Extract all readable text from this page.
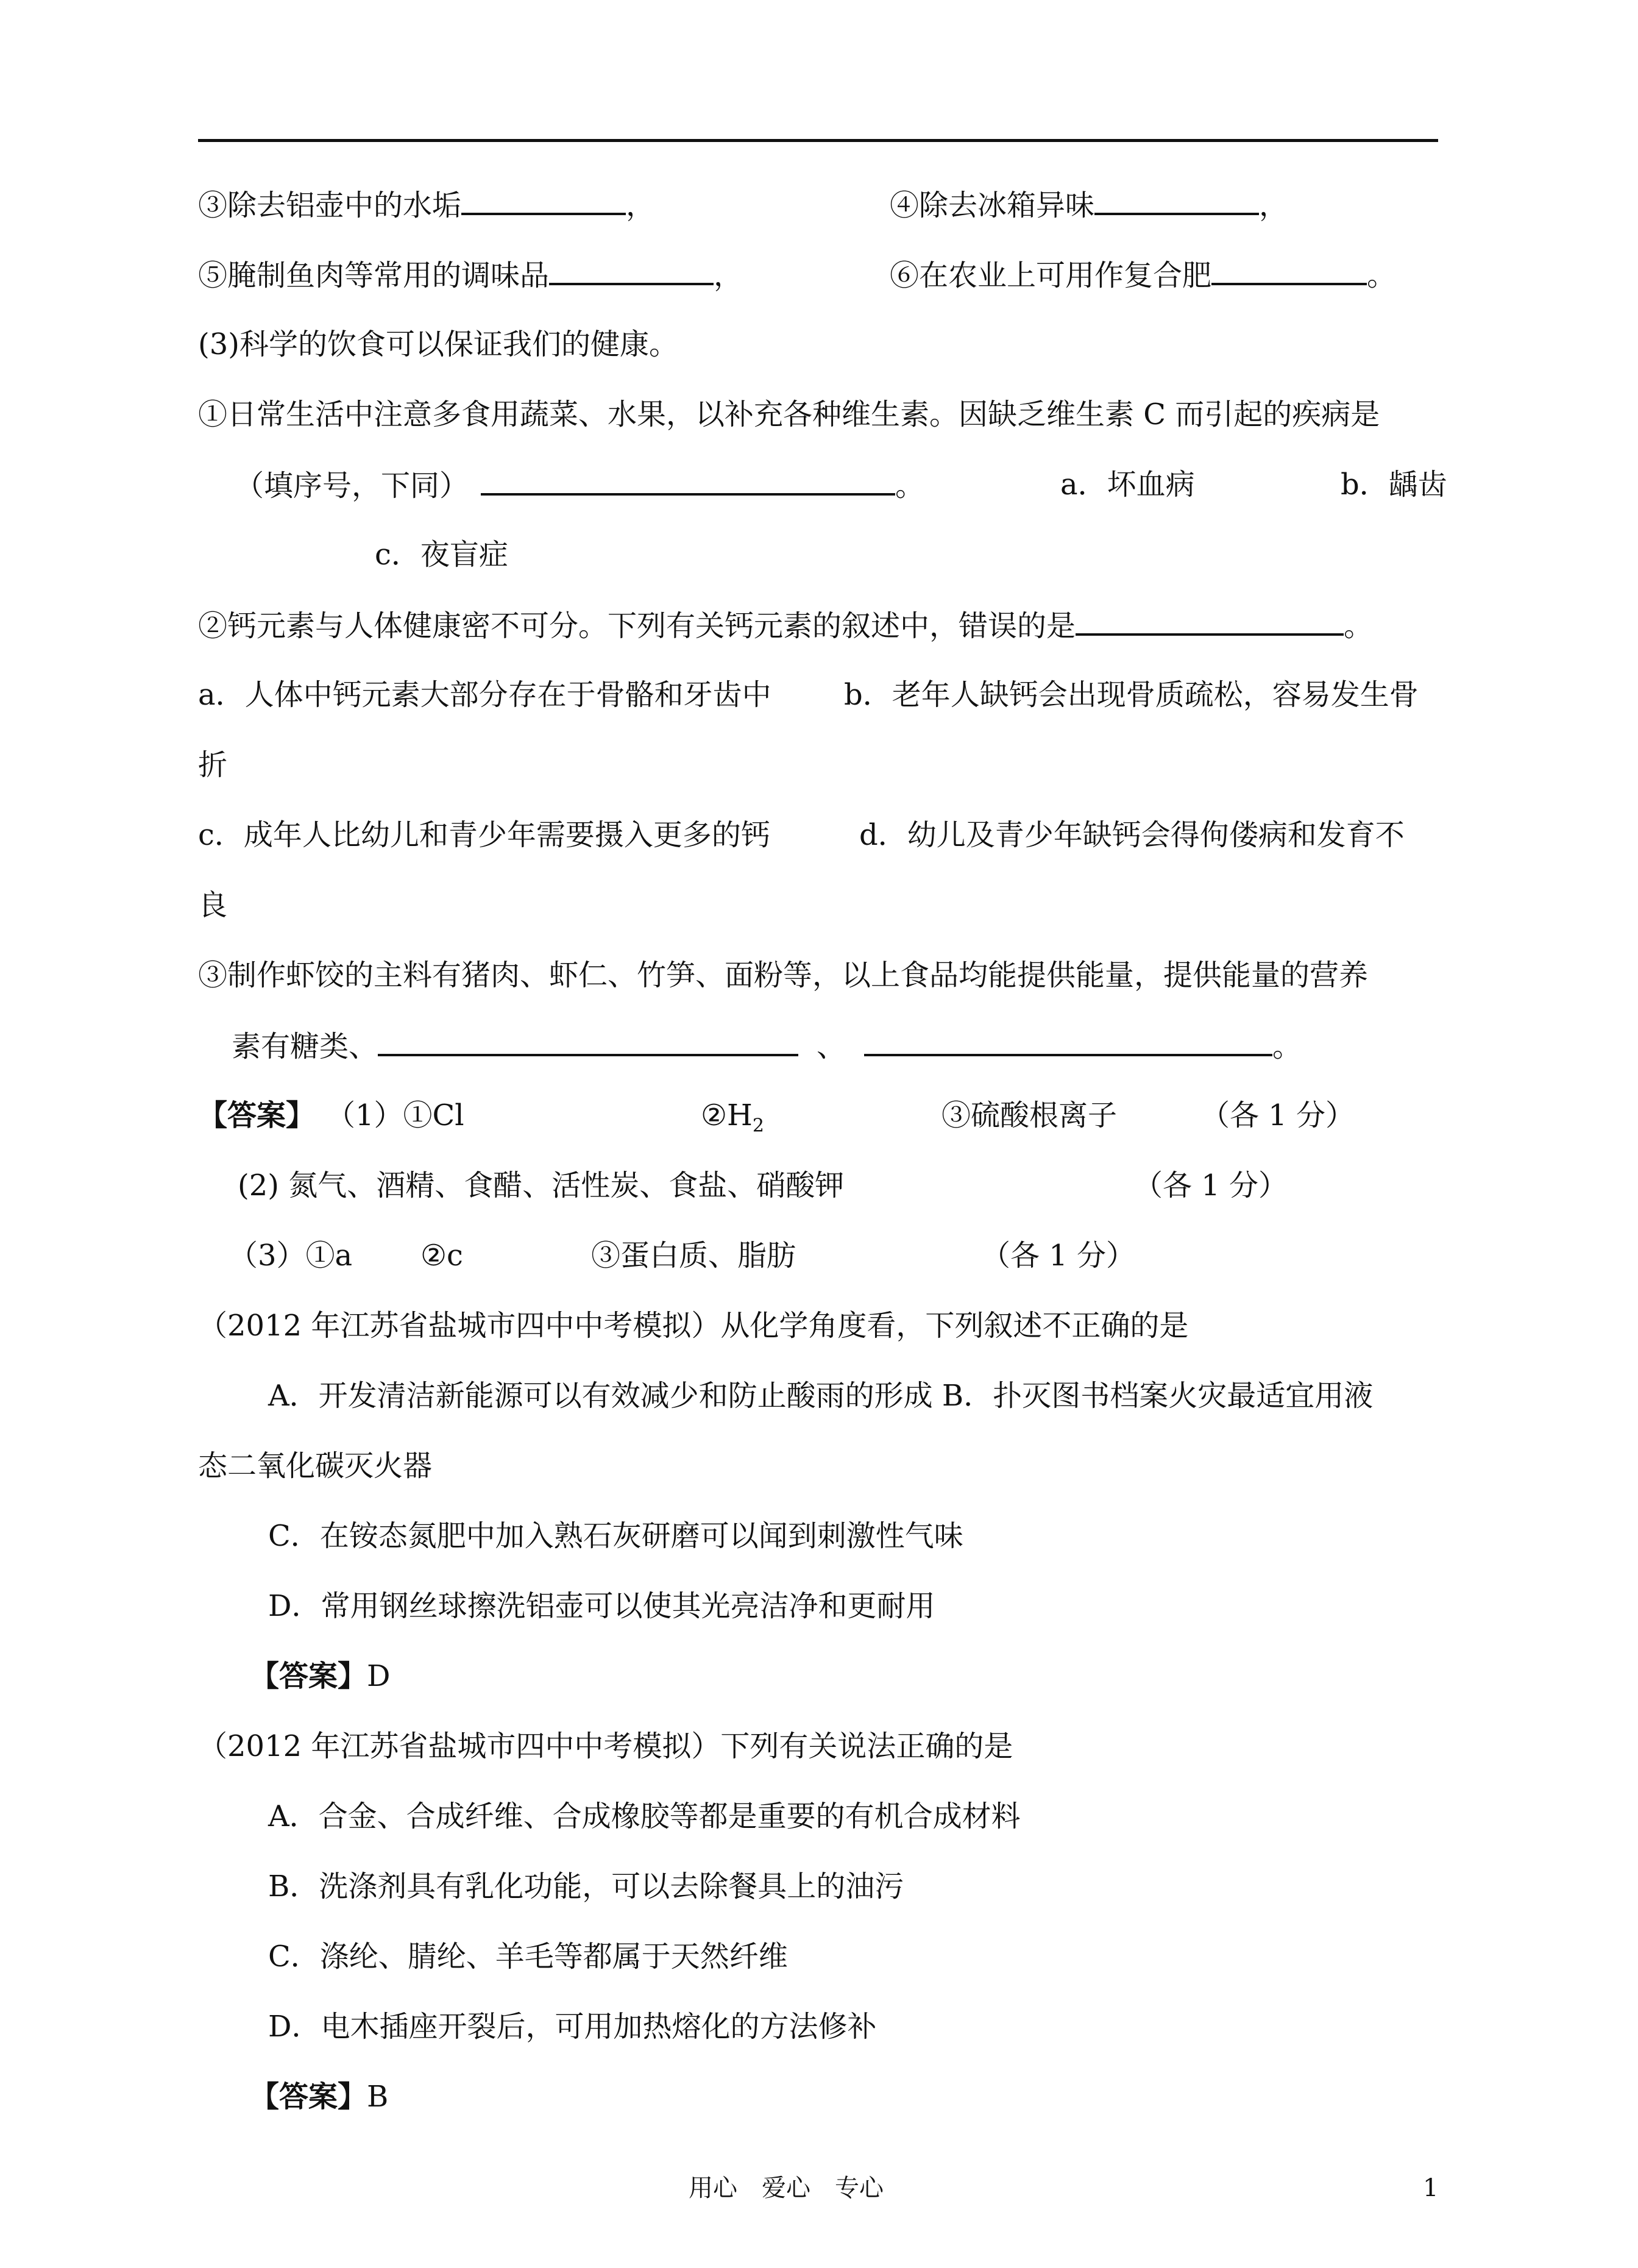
③除去铝壶中的水垢	，	④除去冰箱异味	，
⑤腌制鱼肉等常用的调味品	，	⑥在农业上可用作复合肥	。
(3)科学的饮食可以保证我们的健康。
①日常生活中注意多食用蔬菜、水果，以补充各种维生素。因缺乏维生素 C 而引起的疾病是
（填序号，下同）	。	a．坏血病	b．龋齿
c．夜盲症
②钙元素与人体健康密不可分。下列有关钙元素的叙述中，错误的是	。
a．人体中钙元素大部分存在于骨骼和牙齿中 b．老年人缺钙会出现骨质疏松，容易发生骨
折
c．成年人比幼儿和青少年需要摄入更多的钙	d．幼儿及青少年缺钙会得佝偻病和发育不
良
③制作虾饺的主料有猪肉、虾仁、竹笋、面粉等，以上食品均能提供能量，提供能量的营养
素有糖类、	、	。
【答案】 （1）①Cl	$②H_2$	③硫酸根离子	（各 1 分）
(2) 氮气、酒精、食醋、活性炭、食盐、硝酸钾	（各 1 分）
（3）①a ②c	③蛋白质、脂肪	（各 1 分）
（2012 年江苏省盐城市四中中考模拟）从化学角度看，下列叙述不正确的是
A．开发清洁新能源可以有效减少和防止酸雨的形成 B．扑灭图书档案火灾最适宜用液
态二氧化碳灭火器
C．在铵态氮肥中加入熟石灰研磨可以闻到刺激性气味
D．常用钢丝球擦洗铝壶可以使其光亮洁净和更耐用
【答案】D
（2012 年江苏省盐城市四中中考模拟）下列有关说法正确的是
A．合金、合成纤维、合成橡胶等都是重要的有机合成材料
B．洗涤剂具有乳化功能，可以去除餐具上的油污
C．涤纶、腈纶、羊毛等都属于天然纤维
D．电木插座开裂后，可用加热熔化的方法修补
【答案】B
用心　爱心　专心	1
